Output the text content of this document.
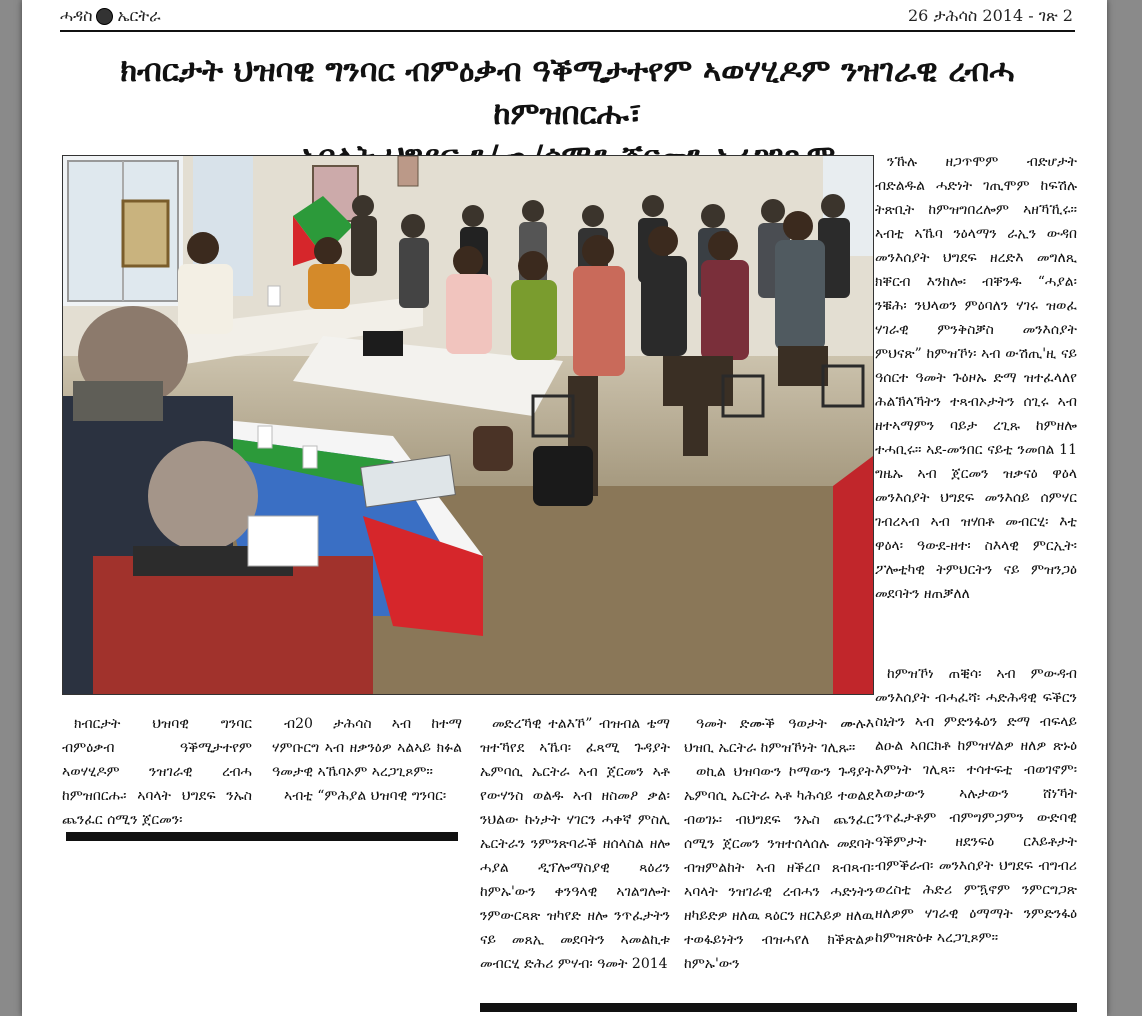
ሓዳስ ኤርትራ	26 ታሕሳስ 2014 - ገጽ 2
ክብርታት ህዝባዊ ግንባር ብምዕቃብ ዓቕሚታተየም ኣወሃሂዶም ንዝገራዊ ረብሓ ከምዝበርሑ፣

ንኹሉ ዘጋጥሞም ብድሆታት ብድልዱል ሓድነት ገጢሞም ከፍሽሉ ትጽቢት ከምዝግበረሎም ኣዘኻኺሩ። ኣብቲ ኣኼባ ንዕላማን ራኢን ውዳበ መንእሰያት ህግደፍ ዘረድእ መግለጺ ክቐርብ እንከሎ፡ ብቐንዱ “ሓያል፡ ንቑሕ፡ ንህላወን ምዕባለን ሃገሩ ዝወፈ ሃገራዊ ምንቅስቓስ መንእሰያት ምህናጽ” ከምዝኾነ፡ ኣብ ውሽጢ'ዚ ናይ ዓሰርተ ዓመት ጉዕዞኡ ድማ ዝተፈላለየ ሕልኽላኻትን ተጻብኦታትን ሰጊሩ ኣብ ዘተኣማምን ባይታ ረጊጹ ከምዘሎ ተሓቢሩ። ኣደ-መንበር ናይቲ ንመበል 11 ግዜኡ ኣብ ጀርመን ዝቃናዕ ዋዕላ መንእሰያት ህግደፍ መንእሰይ ሰምሃር ገብረኣብ ኣብ ዝሃበቶ መብርሂ፡ እቲ ዋዕላ፡ ዓውደ-ዘተ፡ ስእላዊ ምርኢት፡ ፖሎቲካዊ ትምህርትን ናይ ምዝንጋዕ መደባትን ዘጠቓለለ

ከምዝኾነ ጠቒሳ፡ ኣብ ምውዳብ መንእሰያት ብሓፈሻ፡ ሓድሕዳዊ ፍቕርን ስኒትን ኣብ ምድንፋዕን ድማ ብፍላይ ልዑል ኣበርክቶ ከምዝሃልዎ ዘለዎ ጽኑዕ እምነት ገሊጻ። ተሳተፍቲ ብወገኖም፡ እወታውን ኣሉታውን ሸነኻት ንጥፈታቶም ብምግምጋምን ውድባዊ ዓቕምታት ዘደንፍዕ ርእይቶታት ብምቕራብ፡ መንእሰያት ህግደፍ ብግብሪ ወረስቲ ሕድሪ ምዃኖም ንምርግጋጽ ዘለዎም ሃገራዊ ዕማማት ንምድንፋዕ ከምዝጽዕቱ ኣረጋጊጾም።

ክብርታት ህዝባዊ ግንባር ብምዕቃብ ዓቕሚታተየም ኣወሃሂዶም ንዝገራዊ ረብሓ ከምዝበርሑ፡ ኣባላት ህግደፍ ንኡስ ጨንፈር ሰሚን ጀርመን፡

ብ20 ታሕሳስ ኣብ ከተማ ሃምቡርግ ኣብ ዘቃንዕዎ ኣልኣይ ክፉል ዓመታዊ ኣኼባኦም ኣረጋጊጾም።

ኣብቲ “ምሕያል ህዝባዊ ግንባር፡

መድረኻዊ ተልእኾ” ብዝብል ቴማ ዝተኻየደ ኣኼባ፡ ፈጻሚ ጉዳያት ኤምባሲ ኤርትራ ኣብ ጀርመን ኣቶ የውሃንስ ወልዱ ኣብ ዘስመዖ ቃል፡ ንህልው ኩነታት ሃገርን ሓቀኛ ምስሊ ኤርትራን ንምንጽባራቕ ዘሰላስል ዘሎ ሓያል ዲፕሎማስያዊ ጻዕሪን ከምኡ'ውን ቀንዓላዊ ኣገልግሎት ንምውርጻጽ ዝካየድ ዘሎ ንጥፈታትን ናይ መጸኢ መደባትን ኣመልኪቱ መብርሂ ድሕሪ ምሃብ፡ ዓመት 2014

ዓመት ድሙቕ ዓወታት ሙሉእ ህዝቢ ኤርትራ ከምዝኾነት ገሊጹ።

ወኪል ህዝባውን ኮማውን ጉዳያት ኤምባሲ ኤርትራ ኣቶ ካሕሳይ ተወልደ ብወገኑ፡ ብህግደፍ ንኡስ ጨንፈር ሰሚን ጀርመን ንዝተሰላሰሉ መደባት ብዝምልከት ኣብ ዘቕረቦ ጸብጻብ፡ ኣባላት ንዝገራዊ ረብሓን ሓድነትን ዘካይድዎ ዘለዉ ጻዕርን ዘርእይዎ ዘለዉ ተወፋይነትን ብዝሓየለ ክቕጽልዎ ከምኡ'ውን
